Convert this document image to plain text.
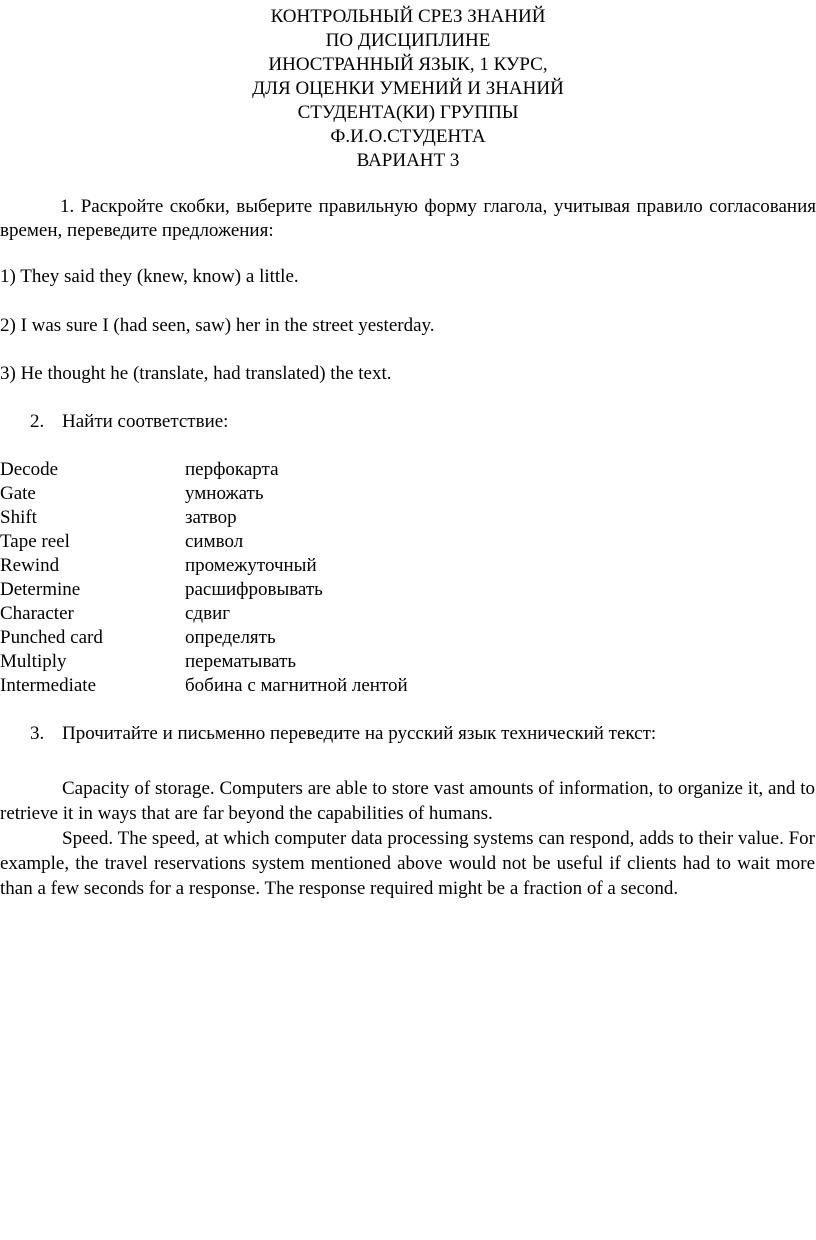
КОНТРОЛЬНЫЙ СРЕЗ ЗНАНИЙ
ПО ДИСЦИПЛИНЕ
ИНОСТРАННЫЙ ЯЗЫК, 1 КУРС,
ДЛЯ ОЦЕНКИ УМЕНИЙ И ЗНАНИЙ
СТУДЕНТА(КИ) ГРУППЫ
Ф.И.О.СТУДЕНТА
ВАРИАНТ 3
1. Раскройте скобки, выберите правильную форму глагола, учитывая правило согласования времен, переведите предложения:
1) They said they (knew, know) a little.
2) I was sure I (had seen, saw) her in the street yesterday.
3) He thought he (translate, had translated) the text.
2. Найти соответствие:
Decode	перфокарта
Gate	умножать
Shift	затвор
Tape reel	символ
Rewind	промежуточный
Determine	расшифровывать
Character	сдвиг
Punched card	определять
Multiply	перематывать
Intermediate	бобина с магнитной лентой
3. Прочитайте и письменно переведите на русский язык технический текст:

Capacity of storage. Computers are able to store vast amounts of information, to organize it, and to retrieve it in ways that are far beyond the capabilities of humans.

Speed. The speed, at which computer data processing systems can respond, adds to their value. For example, the travel reservations system mentioned above would not be useful if clients had to wait more than a few seconds for a response. The response required might be a fraction of a second.
